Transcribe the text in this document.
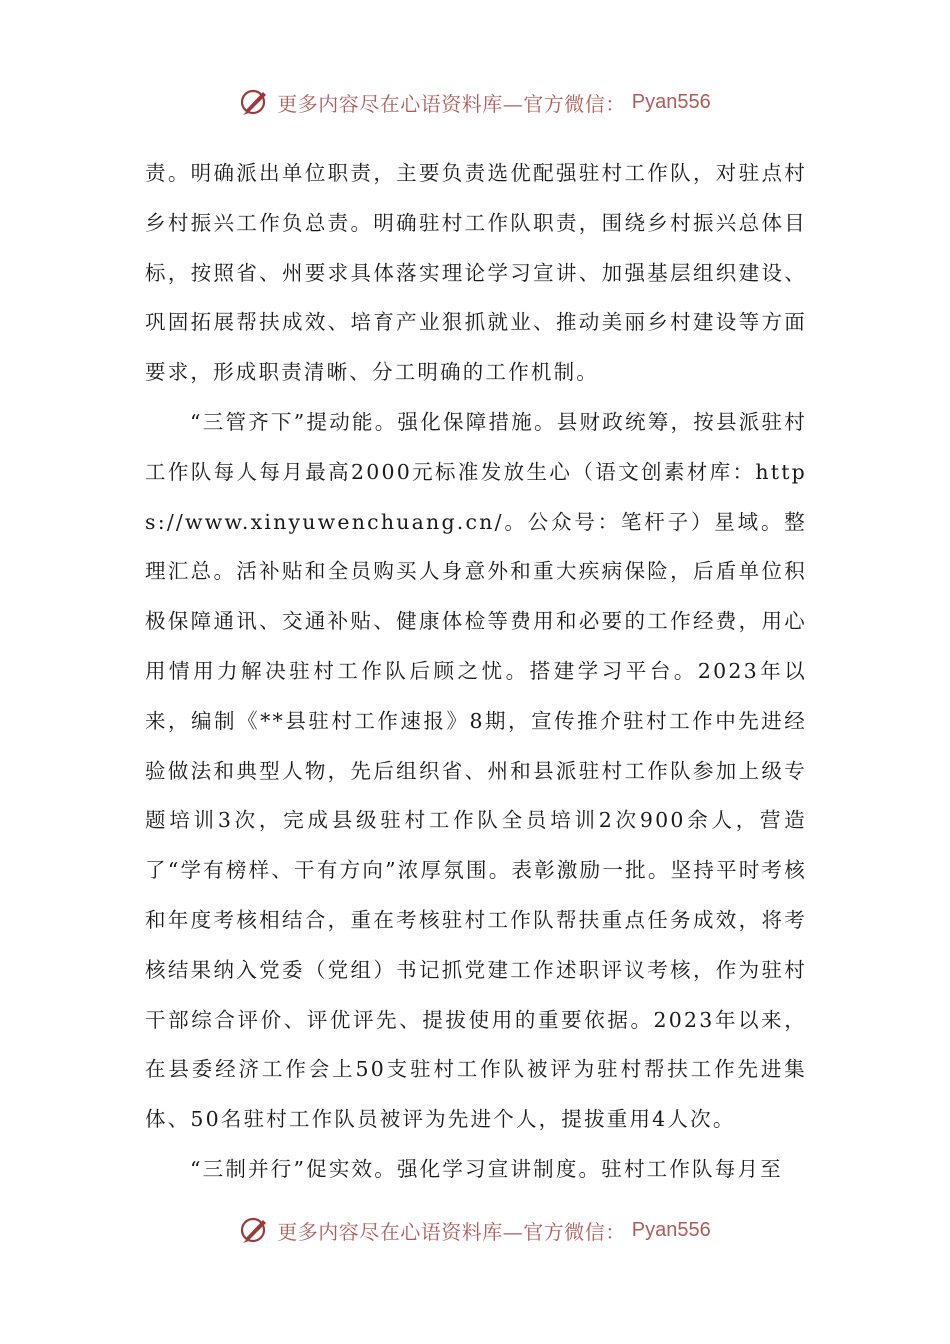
更多内容尽在心语资料库—官方微信： Pyan556

责。明确派出单位职责，主要负责选优配强驻村工作队，对驻点村乡村振兴工作负总责。明确驻村工作队职责，围绕乡村振兴总体目标，按照省、州要求具体落实理论学习宣讲、加强基层组织建设、巩固拓展帮扶成效、培育产业狠抓就业、推动美丽乡村建设等方面要求，形成职责清晰、分工明确的工作机制。

“三管齐下”提动能。强化保障措施。县财政统筹，按县派驻村工作队每人每月最高2000元标准发放生心（语文创素材库：https://www.xinyuwenchuang.cn/。公众号：笔杆子）星域。整理汇总。活补贴和全员购买人身意外和重大疾病保险，后盾单位积极保障通讯、交通补贴、健康体检等费用和必要的工作经费，用心用情用力解决驻村工作队后顾之忧。搭建学习平台。2023年以来，编制《**县驻村工作速报》8期，宣传推介驻村工作中先进经验做法和典型人物，先后组织省、州和县派驻村工作队参加上级专题培训3次，完成县级驻村工作队全员培训2次900余人，营造了“学有榜样、干有方向”浓厚氛围。表彰激励一批。坚持平时考核和年度考核相结合，重在考核驻村工作队帮扶重点任务成效，将考核结果纳入党委（党组）书记抓党建工作述职评议考核，作为驻村干部综合评价、评优评先、提拔使用的重要依据。2023年以来，在县委经济工作会上50支驻村工作队被评为驻村帮扶工作先进集体、50名驻村工作队员被评为先进个人，提拔重用4人次。

“三制并行”促实效。强化学习宣讲制度。驻村工作队每月至

更多内容尽在心语资料库—官方微信： Pyan556
